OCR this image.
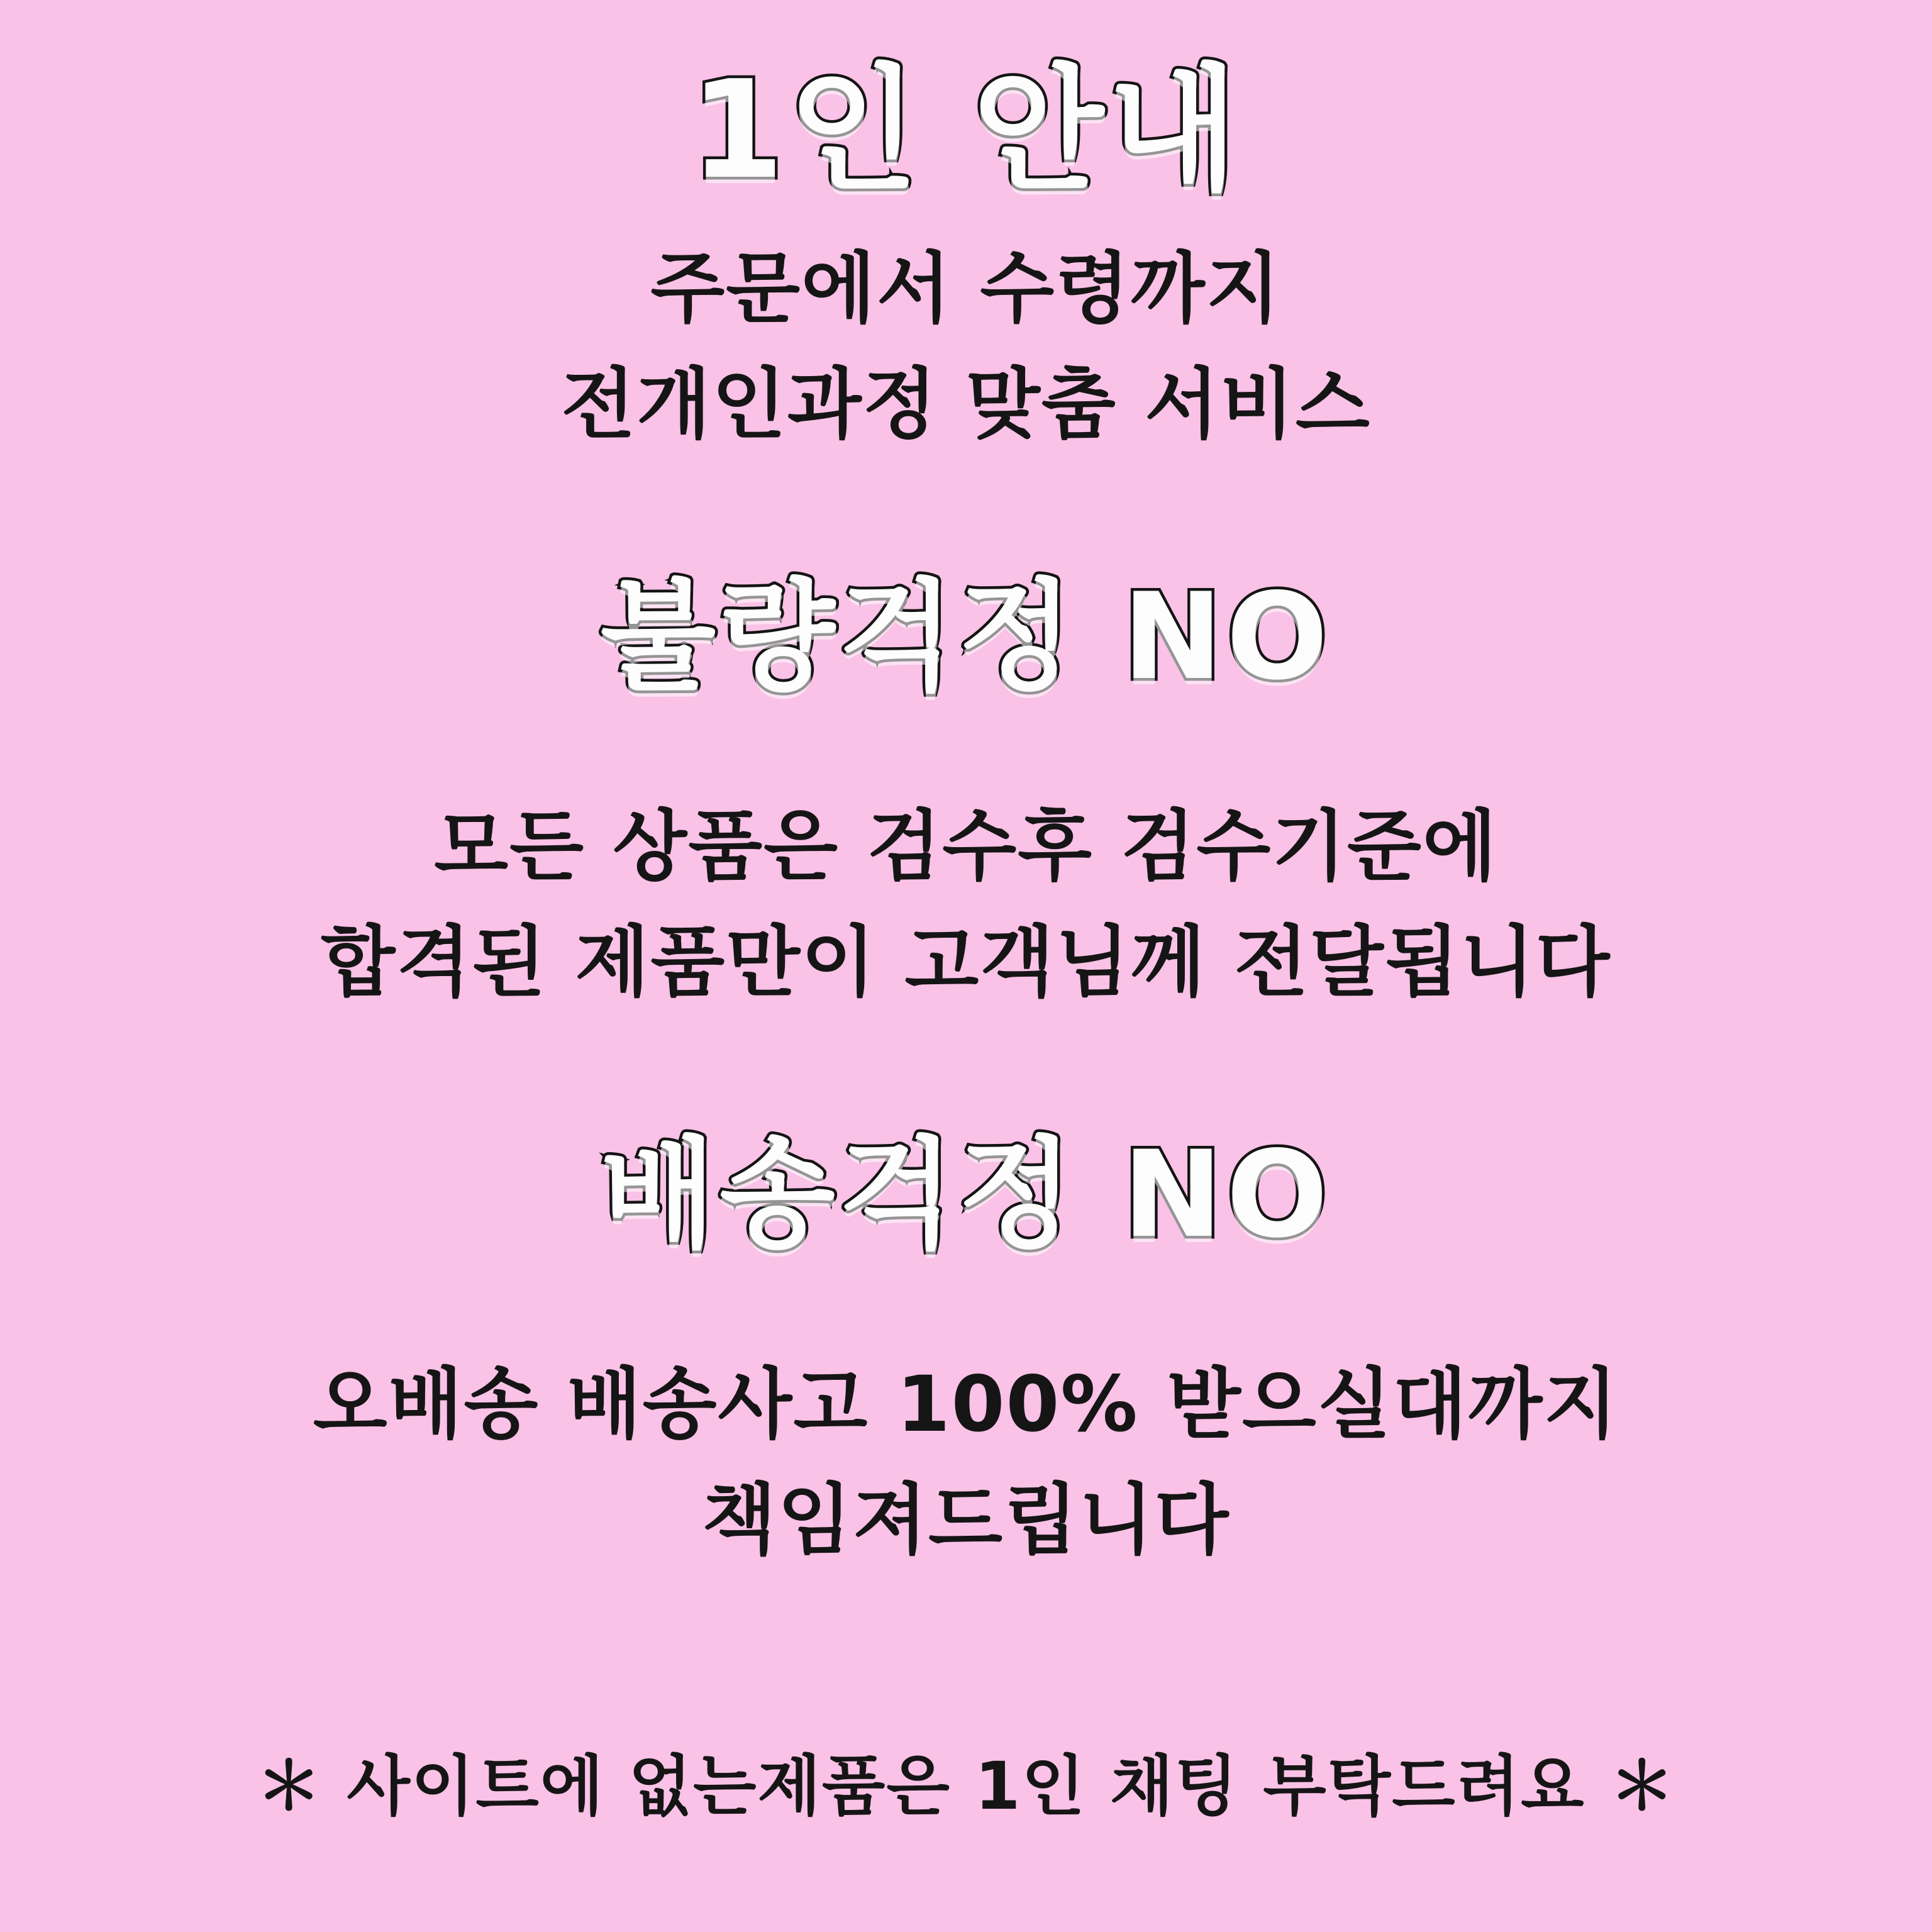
1인 안내
주문에서 수령까지
전개인과정 맞춤 서비스
불량걱정 NO
모든 상품은 검수후 검수기준에
합격된 제품만이 고객님께 전달됩니다
배송걱정 NO
오배송 배송사고 100% 받으실대까지
책임져드립니다
＊ 사이트에 없는제품은 1인 채팅 부탁드려요 ＊
